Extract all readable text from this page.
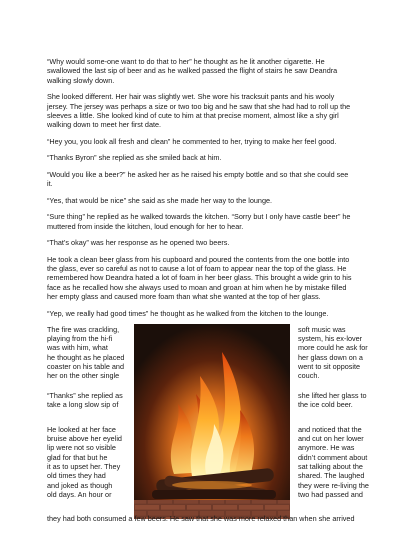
“Why would some-one want to do that to her” he thought as he lit another cigarette. He
swallowed the last sip of beer and as he walked passed the flight of stairs he saw Deandra
walking slowly down.

She looked different. Her hair was slightly wet. She wore his tracksuit pants and his wooly
jersey. The jersey was perhaps a size or two too big and he saw that she had had to roll up the
sleeves a little. She looked kind of cute to him at that precise moment, almost like a shy girl
walking down to meet her first date.

“Hey you, you look all fresh and clean” he commented to her, trying to make her feel good.

“Thanks Byron” she replied as she smiled back at him.

“Would you like a beer?” he asked her as he raised his empty bottle and so that she could see
it.

“Yes, that would be nice” she said as she made her way to the lounge.

“Sure thing” he replied as he walked towards the kitchen. “Sorry but I only have castle beer” he
muttered from inside the kitchen, loud enough for her to hear.

“That’s okay” was her response as he opened two beers.

He took a clean beer glass from his cupboard and poured the contents from the one bottle into
the glass, ever so careful as not to cause a lot of foam to appear near the top of the glass. He
remembered how Deandra hated a lot of foam in her beer glass. This brought a wide grin to his
face as he recalled how she always used to moan and groan at him when he by mistake filled
her empty glass and caused more foam than what she wanted at the top of her glass.

“Yep, we really had good times” he thought as he walked from the kitchen to the lounge.

The fire was crackling,
playing from the hi-fi
was with him, what
he thought as he placed
coaster on his table and
her on the other single
“Thanks” she replied as
take a long slow sip of
He looked at her face
bruise above her eyelid
lip were not so visible
glad for that but he
it as to upset her. They
old times they had
and joked as though
old days. An hour or
soft music was
system, his ex-lover
more could he ask for
her glass down on a
went to sit opposite
couch.
she lifted her glass to
the ice cold beer.
and noticed that the
and cut on her lower
anymore. He was
didn’t comment about
sat talking about the
shared. The laughed
they were re-living the
two had passed and
they had both consumed a few beers. He saw that she was more relaxed than when she arrived
